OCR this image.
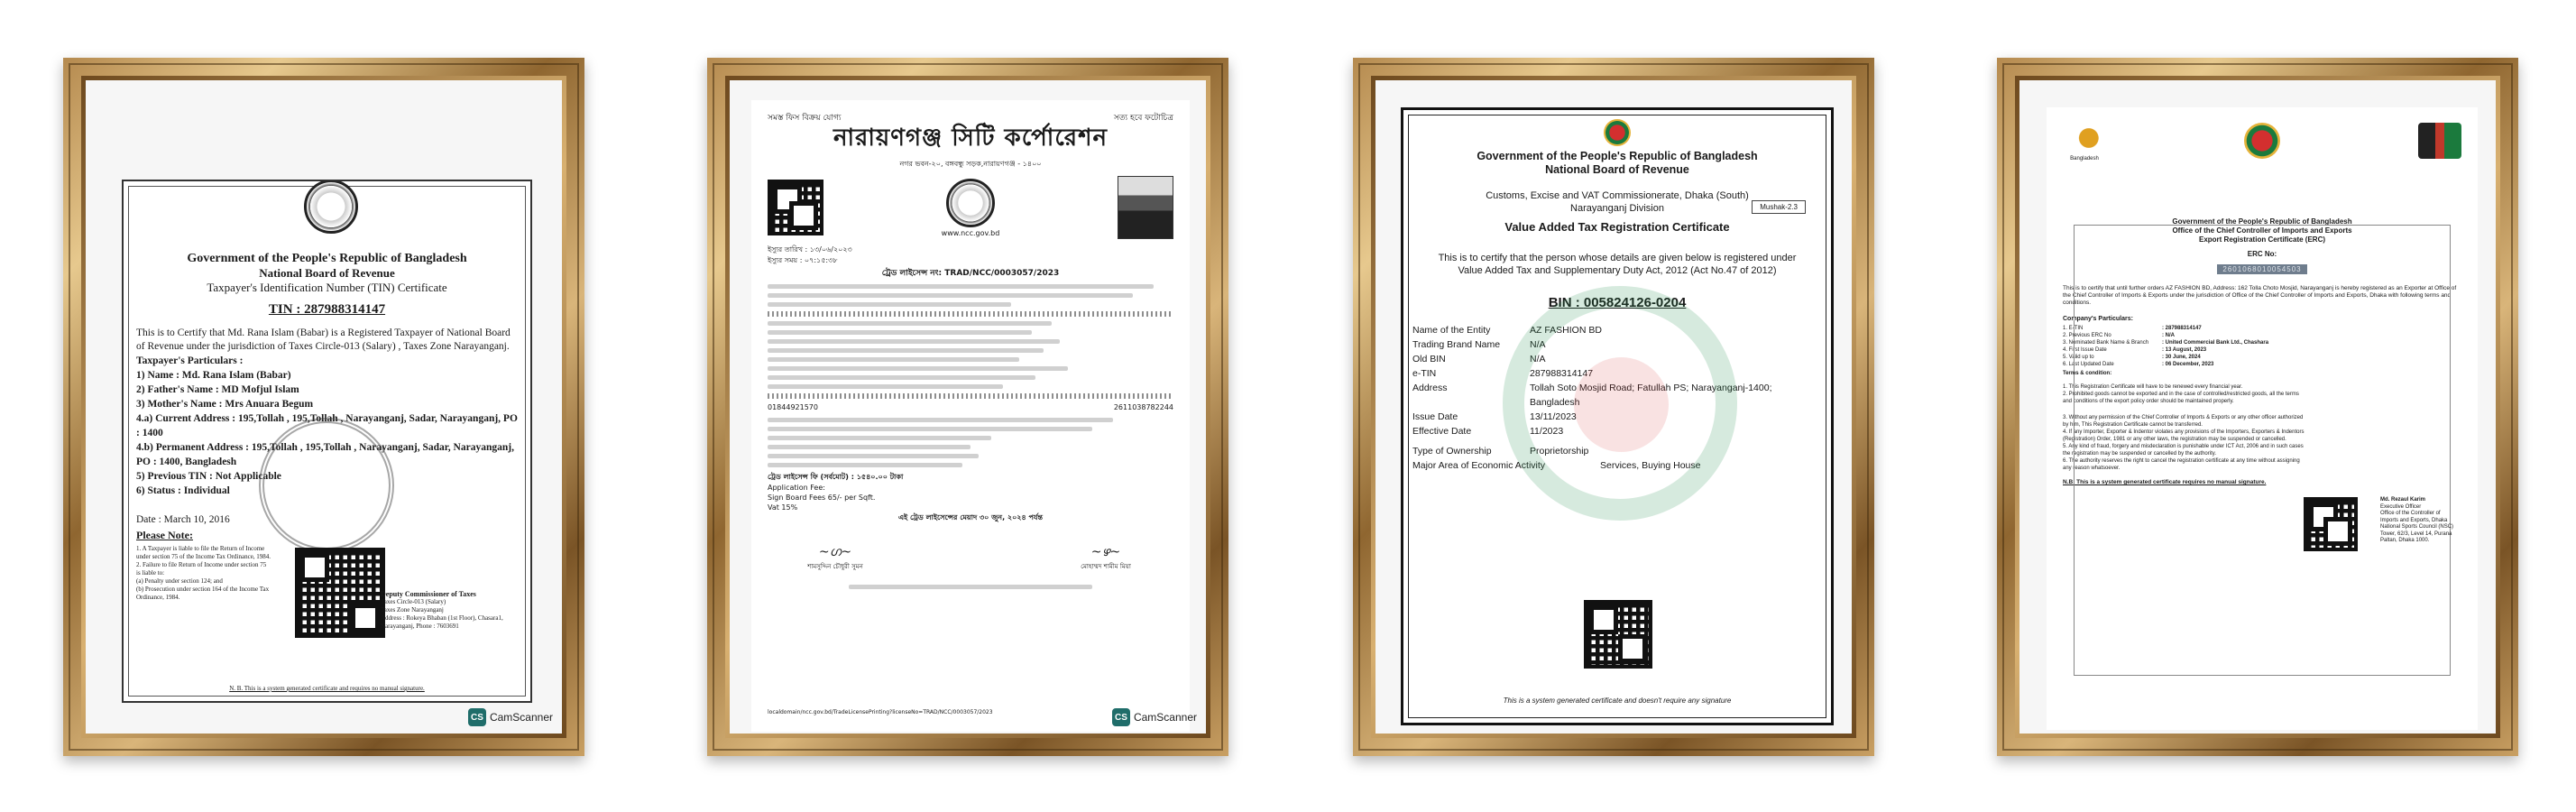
Government of the People's Republic of Bangladesh
National Board of Revenue
Taxpayer's Identification Number (TIN) Certificate
TIN : 287988314147
This is to Certify that Md. Rana Islam (Babar) is a Registered Taxpayer of National Board of Revenue under the jurisdiction of Taxes Circle-013 (Salary) , Taxes Zone Narayanganj.
Taxpayer's Particulars :
1) Name : Md. Rana Islam (Babar)
2) Father's Name : MD Mofjul Islam
3) Mother's Name : Mrs Anuara Begum
4.a) Current Address : 195,Tollah , 195,Tollah , Narayanganj, Sadar, Narayanganj, PO : 1400
4.b) Permanent Address : 195,Tollah , 195,Tollah , Narayanganj, Sadar, Narayanganj, PO : 1400, Bangladesh
5) Previous TIN : Not Applicable
6) Status : Individual
Date : March 10, 2016
Please Note:
1. A Taxpayer is liable to file the Return of Income under section 75 of the Income Tax Ordinance, 1984.
2. Failure to file Return of Income under section 75 is liable to:
(a) Penalty under section 124; and
(b) Prosecution under section 164 of the Income Tax Ordinance, 1984.	Deputy Commissioner of Taxes
Taxes Circle-013 (Salary)
Taxes Zone Narayanganj
Address : Rokeya Bhaban (1st Floor), Chasara1, Narayanganj, Phone : 7603691
N. B. This is a system generated certificate and requires no manual signature.
CS CamScanner
সমস্ত ফিস বিক্রয় যোগ্য	সত্য হবে ফটোচিত্র
নারায়ণগঞ্জ সিটি কর্পোরেশন
নগর ভবন-২০, বঙ্গবন্ধু সড়ক,নারায়ণগঞ্জ - ১৪০০
www.ncc.gov.bd
ইস্যুর তারিখ : ১৩/০৬/২০২৩
ইস্যুর সময় : ০৭:১৫:৩৮
ট্রেড লাইসেন্স নং: TRAD/NCC/0003057/2023
01844921570	2611038782244
ট্রেড লাইসেন্স ফি (সর্বমোট) : ১৫৪০.০০ টাকা
Application Fee:
Sign Board Fees 65/- per Sqft.
Vat 15%
এই ট্রেড লাইসেন্সের মেয়াদ ৩০ জুন, ২০২৪ পর্যন্ত
~ഗ~
শামসুদ্দিন চৌধুরী সুমন
~ഴ~
মোহাম্মদ শামীম মিয়া
localdomain/ncc.gov.bd/TradeLicensePrinting?licenseNo=TRAD/NCC/0003057/2023	CS CamScanner
Government of the People's Republic of Bangladesh
National Board of Revenue
Mushak-2.3
Customs, Excise and VAT Commissionerate, Dhaka (South)
Narayanganj Division
Value Added Tax Registration Certificate
This is to certify that the person whose details are given below is registered under Value Added Tax and Supplementary Duty Act, 2012 (Act No.47 of 2012)
BIN : 005824126-0204
Name of the Entity	AZ FASHION BD
Trading Brand Name	N/A
Old BIN	N/A
e-TIN	287988314147
Address	Tollah Soto Mosjid Road; Fatullah PS; Narayanganj-1400; Bangladesh
Issue Date	13/11/2023
Effective Date	11/2023
Type of Ownership	Proprietorship
Major Area of Economic Activity	Services, Buying House
This is a system generated certificate and doesn't require any signature
Bangladesh
Government of the People's Republic of Bangladesh
Office of the Chief Controller of Imports and Exports
Export Registration Certificate (ERC)
ERC No:
2601068010054503
This is to certify that until further orders AZ FASHION BD, Address: 162 Tolla Choto Mosjid, Narayanganj is hereby registered as an Exporter at Office of the Chief Controller of Imports & Exports under the jurisdiction of Office of the Chief Controller of Imports and Exports, Dhaka with following terms and conditions.
Company's Particulars:
1. E-TIN	: 287988314147
2. Previous ERC No	: N/A
3. Nominated Bank Name & Branch	: United Commercial Bank Ltd., Chashara
4. First Issue Date	: 13 August, 2023
5. Valid up to	: 30 June, 2024
6. Last Updated Date	: 06 December, 2023
Terms & condition:
1. This Registration Certificate will have to be renewed every financial year.
2. Prohibited goods cannot be exported and in the case of controlled/restricted goods, all the terms and conditions of the export policy order should be maintained properly.
3. Without any permission of the Chief Controller of Imports & Exports or any other officer authorized by him, This Registration Certificate cannot be transferred.
4. If any Importer, Exporter & Indentor violates any provisions of the Importers, Exporters & Indentors (Registration) Order, 1981 or any other laws, the registration may be suspended or cancelled.
5. Any kind of fraud, forgery and misdeclaration is punishable under ICT Act, 2006 and in such cases the registration may be suspended or cancelled by the authority.
6. The authority reserves the right to cancel the registration certificate at any time without assigning any reason whatsoever.
Md. Rezaul Karim
Executive Officer
Office of the Controller of Imports and Exports, Dhaka
National Sports Council (NSC) Tower, 62/3, Level 14, Purana Paltan, Dhaka 1000.
N.B: This is a system generated certificate requires no manual signature.
